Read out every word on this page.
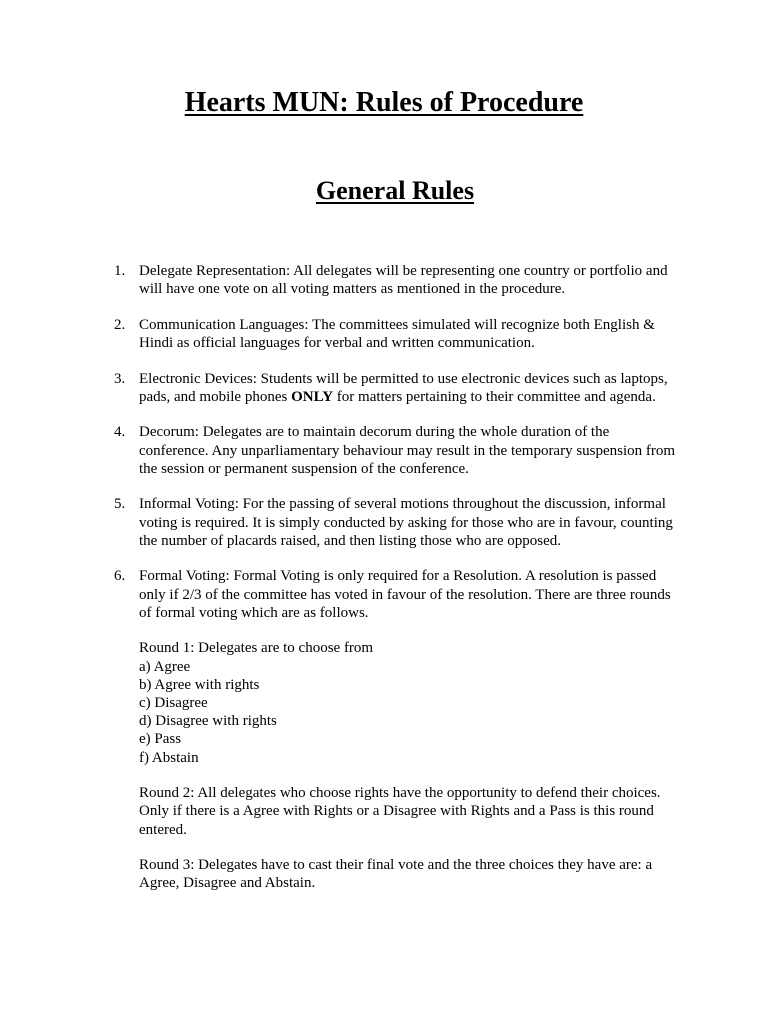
Hearts MUN: Rules of Procedure
General Rules
1. Delegate Representation: All delegates will be representing one country or portfolio and will have one vote on all voting matters as mentioned in the procedure.
2. Communication Languages: The committees simulated will recognize both English & Hindi as official languages for verbal and written communication.
3. Electronic Devices: Students will be permitted to use electronic devices such as laptops, pads, and mobile phones ONLY for matters pertaining to their committee and agenda.
4. Decorum: Delegates are to maintain decorum during the whole duration of the conference. Any unparliamentary behaviour may result in the temporary suspension from the session or permanent suspension of the conference.
5. Informal Voting: For the passing of several motions throughout the discussion, informal voting is required. It is simply conducted by asking for those who are in favour, counting the number of placards raised, and then listing those who are opposed.
6. Formal Voting: Formal Voting is only required for a Resolution. A resolution is passed only if 2/3 of the committee has voted in favour of the resolution. There are three rounds of formal voting which are as follows.
Round 1: Delegates are to choose from
a) Agree
b) Agree with rights
c) Disagree
d) Disagree with rights
e) Pass
f) Abstain
Round 2: All delegates who choose rights have the opportunity to defend their choices. Only if there is a Agree with Rights or a Disagree with Rights and a Pass is this round entered.
Round 3: Delegates have to cast their final vote and the three choices they have are: a Agree, Disagree and Abstain.
